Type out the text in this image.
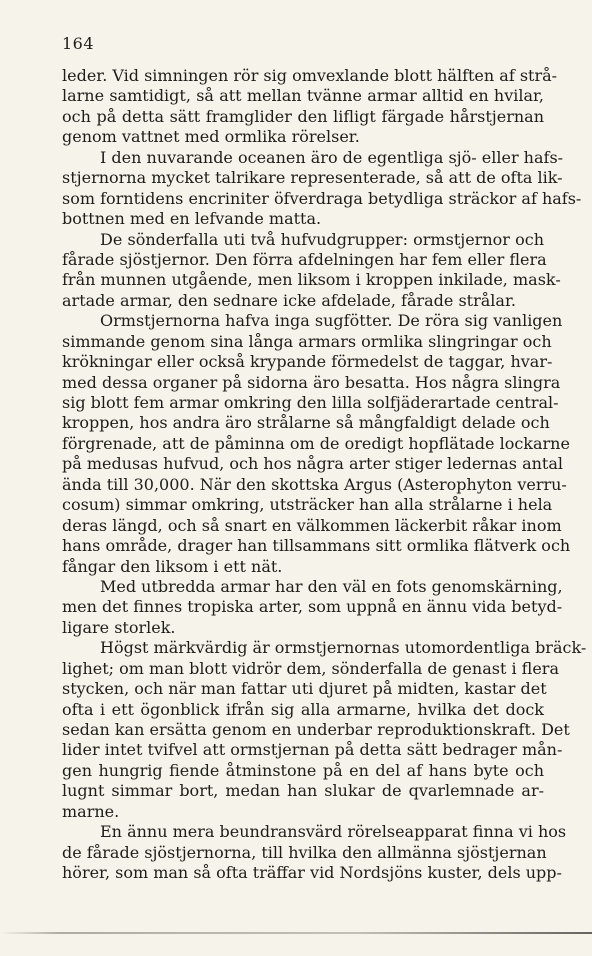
164
leder. Vid simningen rör sig omvexlande blott hälften af strå-
larne samtidigt, så att mellan tvänne armar alltid en hvilar,
och på detta sätt framglider den lifligt färgade hårstjernan
genom vattnet med ormlika rörelser.
I den nuvarande oceanen äro de egentliga sjö- eller hafs-
stjernorna mycket talrikare representerade, så att de ofta lik-
som forntidens encriniter öfverdraga betydliga sträckor af hafs-
bottnen med en lefvande matta.
De sönderfalla uti två hufvudgrupper: ormstjernor och
fårade sjöstjernor. Den förra afdelningen har fem eller flera
från munnen utgående, men liksom i kroppen inkilade, mask-
artade armar, den sednare icke afdelade, fårade strålar.
Ormstjernorna hafva inga sugfötter. De röra sig vanligen
simmande genom sina långa armars ormlika slingringar och
krökningar eller också krypande förmedelst de taggar, hvar-
med dessa organer på sidorna äro besatta. Hos några slingra
sig blott fem armar omkring den lilla solfjäderartade central-
kroppen, hos andra äro strålarne så mångfaldigt delade och
förgrenade, att de påminna om de oredigt hopflätade lockarne
på medusas hufvud, och hos några arter stiger ledernas antal
ända till 30,000. När den skottska Argus (Asterophyton verru-
cosum) simmar omkring, utsträcker han alla strålarne i hela
deras längd, och så snart en välkommen läckerbit råkar inom
hans område, drager han tillsammans sitt ormlika flätverk och
fångar den liksom i ett nät.
Med utbredda armar har den väl en fots genomskärning,
men det finnes tropiska arter, som uppnå en ännu vida betyd-
ligare storlek.
Högst märkvärdig är ormstjernornas utomordentliga bräck-
lighet; om man blott vidrör dem, sönderfalla de genast i flera
stycken, och när man fattar uti djuret på midten, kastar det
ofta i ett ögonblick ifrån sig alla armarne, hvilka det dock
sedan kan ersätta genom en underbar reproduktionskraft. Det
lider intet tvifvel att ormstjernan på detta sätt bedrager mån-
gen hungrig fiende åtminstone på en del af hans byte och
lugnt simmar bort, medan han slukar de qvarlemnade ar-
marne.
En ännu mera beundransvärd rörelseapparat finna vi hos
de fårade sjöstjernorna, till hvilka den allmänna sjöstjernan
hörer, som man så ofta träffar vid Nordsjöns kuster, dels upp-
